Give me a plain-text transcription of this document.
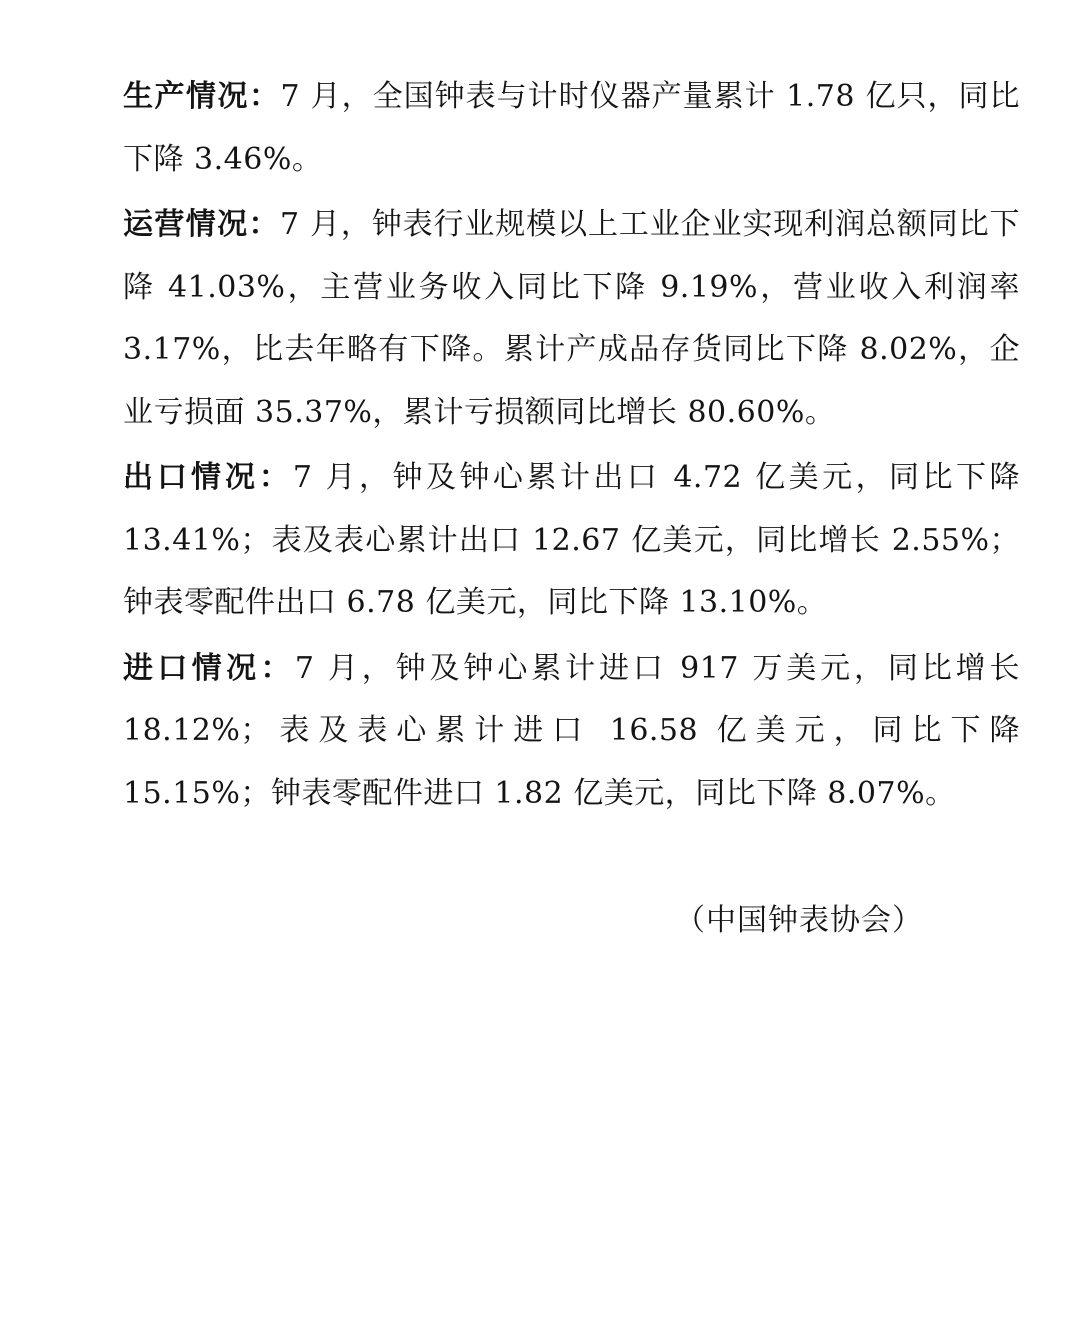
生产情况：7 月，全国钟表与计时仪器产量累计 1.78 亿只，同比下降 3.46%。

运营情况：7 月，钟表行业规模以上工业企业实现利润总额同比下降 41.03%，主营业务收入同比下降 9.19%，营业收入利润率 3.17%，比去年略有下降。累计产成品存货同比下降 8.02%，企业亏损面 35.37%，累计亏损额同比增长 80.60%。

出口情况：7 月，钟及钟心累计出口 4.72 亿美元，同比下降 13.41%；表及表心累计出口 12.67 亿美元，同比增长 2.55%；钟表零配件出口 6.78 亿美元，同比下降 13.10%。

进口情况：7 月，钟及钟心累计进口 917 万美元，同比增长 18.12%；表及表心累计进口 16.58 亿美元，同比下降 15.15%；钟表零配件进口 1.82 亿美元，同比下降 8.07%。

（中国钟表协会）
